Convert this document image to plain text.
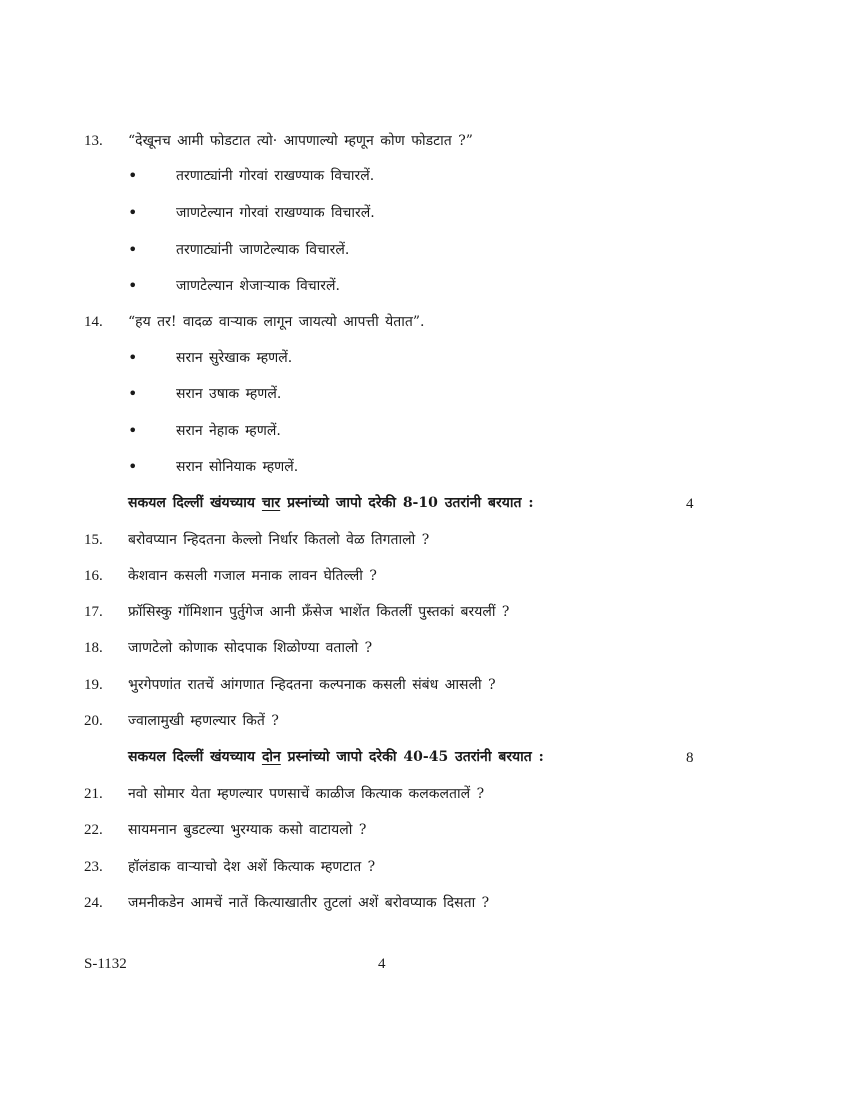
13. “देखूनच आमी फोडटात त्यो· आपणाल्यो म्हणून कोण फोडटात ?”
•	तरणाट्यांनी गोरवां राखण्याक विचारलें.
•	जाणटेल्यान गोरवां राखण्याक विचारलें.
•	तरणाट्यांनी जाणटेल्याक विचारलें.
•	जाणटेल्यान शेजाऱ्याक विचारलें.
14. “हय तर! वादळ वाऱ्याक लागून जायत्यो आपत्ती येतात”.
•	सरान सुरेखाक म्हणलें.
•	सरान उषाक म्हणलें.
•	सरान नेहाक म्हणलें.
•	सरान सोनियाक म्हणलें.
सकयल दिल्लीं खंयच्याय चार प्रस्नांच्यो जापो दरेकी 8-10 उतरांनी बरयात :	4
15. बरोवप्यान न्हिदतना केल्लो निर्धार कितलो वेळ तिगतालो ?
16. केशवान कसली गजाल मनाक लावन घेतिल्ली ?
17. फ्रॉसिस्कु गॉमिशान पुर्तुगेज आनी फ्रॅंसेज भाशेंत कितलीं पुस्तकां बरयलीं ?
18. जाणटेलो कोणाक सोदपाक शिळोण्या वतालो ?
19. भुरगेपणांत रातचें आंगणात न्हिदतना कल्पनाक कसली संबंध आसली ?
20. ज्वालामुखी म्हणल्यार कितें ?
सकयल दिल्लीं खंयच्याय दोन प्रस्नांच्यो जापो दरेकी 40-45 उतरांनी बरयात :	8
21. नवो सोमार येता म्हणल्यार पणसाचें काळीज कित्याक कलकलतालें ?
22. सायमनान बुडटल्या भुरग्याक कसो वाटायलो ?
23. हॉलंडाक वाऱ्याचो देश अशें कित्याक म्हणटात ?
24. जमनीकडेन आमचें नातें कित्याखातीर तुटलां अशें बरोवप्याक दिसता ?
S-1132	4
